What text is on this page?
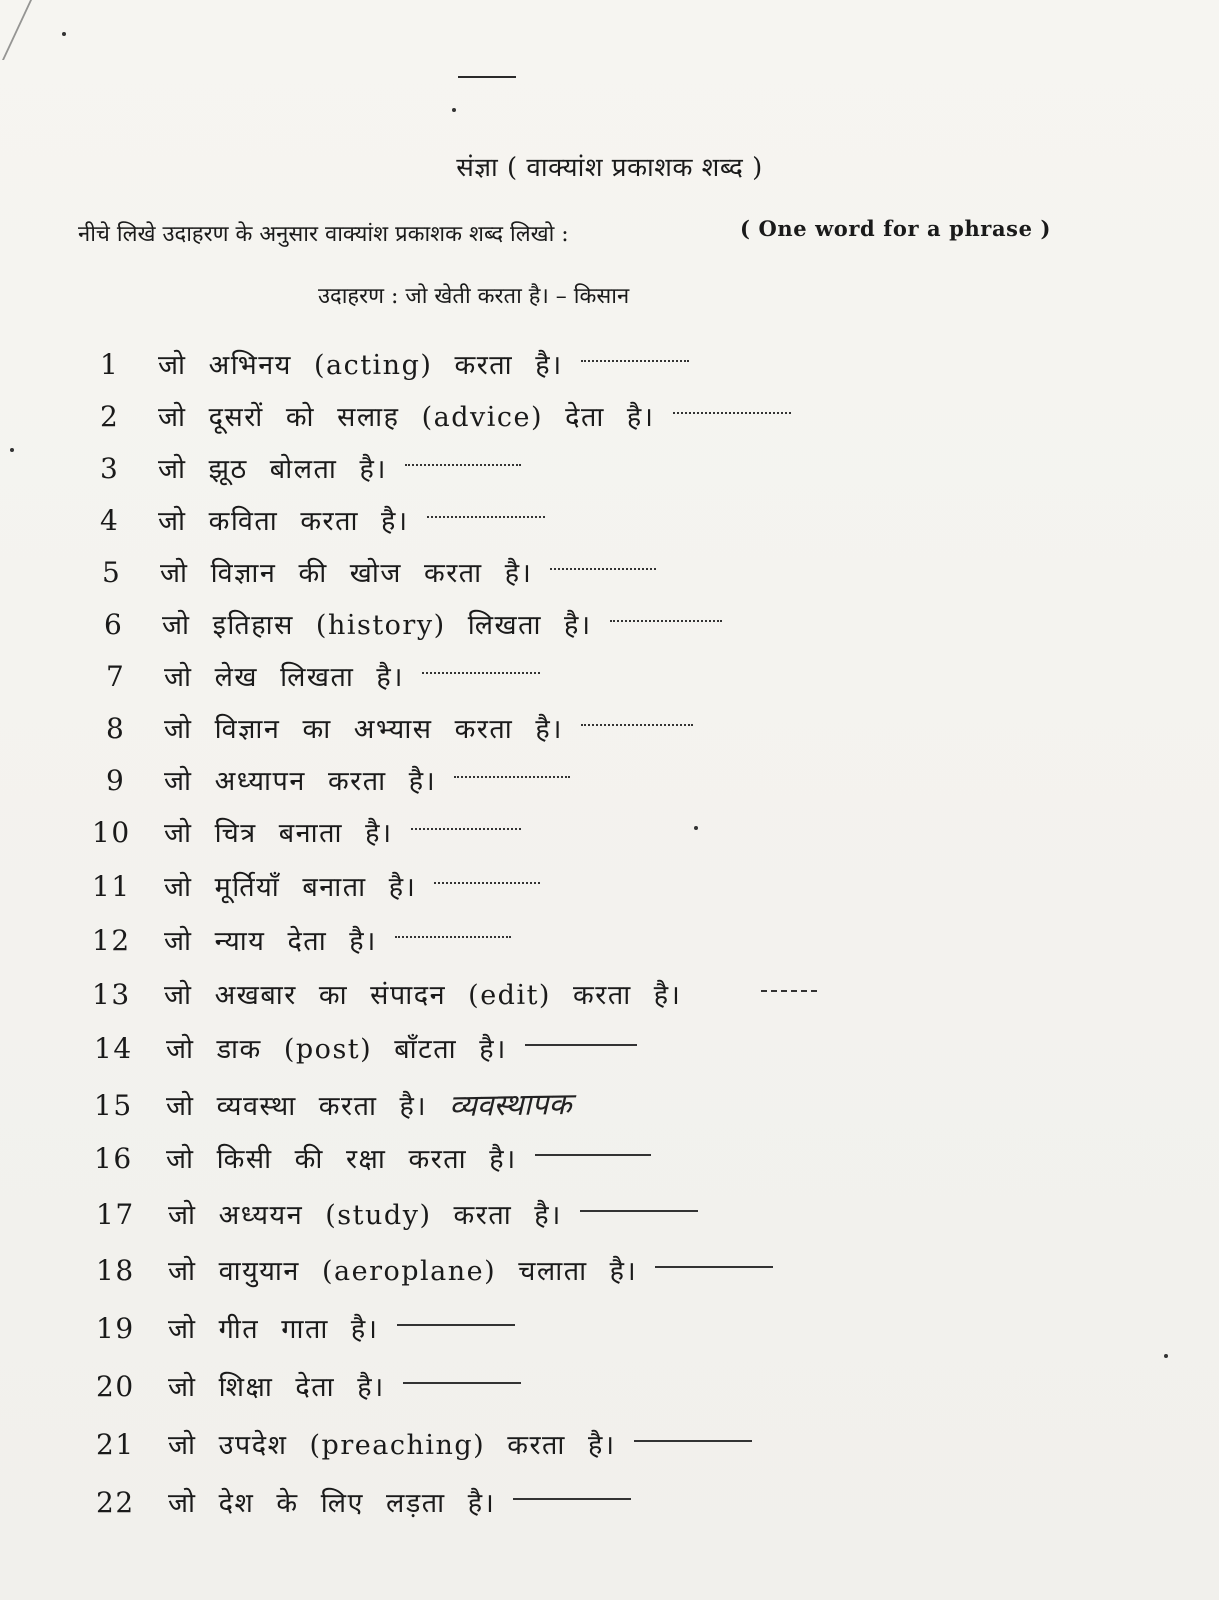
संज्ञा ( वाक्यांश प्रकाशक शब्द )
नीचे लिखे उदाहरण के अनुसार वाक्यांश प्रकाशक शब्द लिखो :	( One word for a phrase )
उदाहरण : जो खेती करता है। – किसान
1	जो अभिनय (acting) करता है।
2	जो दूसरों को सलाह (advice) देता है।
3	जो झूठ बोलता है।
4	जो कविता करता है।
5	जो विज्ञान की खोज करता है।
6	जो इतिहास (history) लिखता है।
7	जो लेख लिखता है।
8	जो विज्ञान का अभ्यास करता है।
9	जो अध्यापन करता है।
10	जो चित्र बनाता है।
11	जो मूर्तियाँ बनाता है।
12	जो न्याय देता है।
13	जो अखबार का संपादन (edit) करता है।
14	जो डाक (post) बाँटता है।
15	जो व्यवस्था करता है। व्यवस्थापक
16	जो किसी की रक्षा करता है।
17	जो अध्ययन (study) करता है।
18	जो वायुयान (aeroplane) चलाता है।
19	जो गीत गाता है।
20	जो शिक्षा देता है।
21	जो उपदेश (preaching) करता है।
22	जो देश के लिए लड़ता है।
